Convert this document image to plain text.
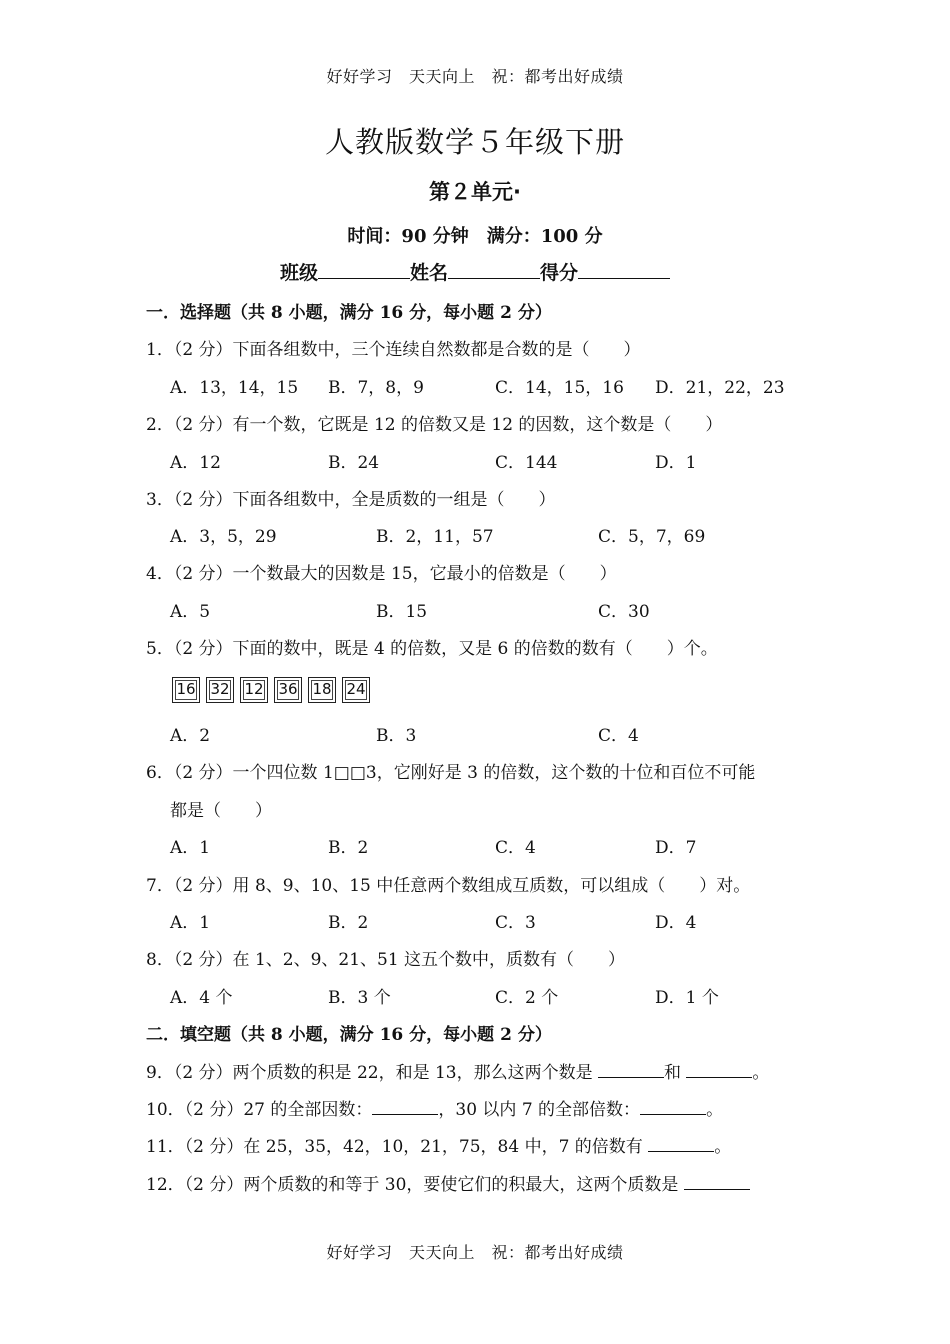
好好学习　天天向上　祝：都考出好成绩
人教版数学５年级下册
第２单元·
时间：90 分钟　满分：100 分
班级	姓名	得分
一．选择题（共 8 小题，满分 16 分，每小题 2 分）
1．（2 分）下面各组数中，三个连续自然数都是合数的是（　　）
A．13，14，15 B．7，8，9	C．14，15，16 D．21，22，23
2．（2 分）有一个数，它既是 12 的倍数又是 12 的因数，这个数是（　　）
A．12	B．24	C．144	D．1
3．（2 分）下面各组数中，全是质数的一组是（　　）
A．3，5，29	B．2，11，57	C．5，7，69
4．（2 分）一个数最大的因数是 15，它最小的倍数是（　　）
A．5	B．15	C．30
5．（2 分）下面的数中，既是 4 的倍数，又是 6 的倍数的数有（　　）个。
16 32 12 36 18 24
A．2	B．3	C．4
6．（2 分）一个四位数 1□□3，它刚好是 3 的倍数，这个数的十位和百位不可能
都是（　　）
A．1	B．2	C．4	D．7
7．（2 分）用 8、9、10、15 中任意两个数组成互质数，可以组成（　　）对。
A．1	B．2	C．3	D．4
8．（2 分）在 1、2、9、21、51 这五个数中，质数有（　　）
A．4 个	B．3 个	C．2 个	D．1 个
二．填空题（共 8 小题，满分 16 分，每小题 2 分）
9．（2 分）两个质数的积是 22，和是 13，那么这两个数是	和	。
10．（2 分）27 的全部因数：	，30 以内 7 的全部倍数：	。
11．（2 分）在 25，35，42，10，21，75，84 中，7 的倍数有	。
12．（2 分）两个质数的和等于 30，要使它们的积最大，这两个质数是
好好学习　天天向上　祝：都考出好成绩
